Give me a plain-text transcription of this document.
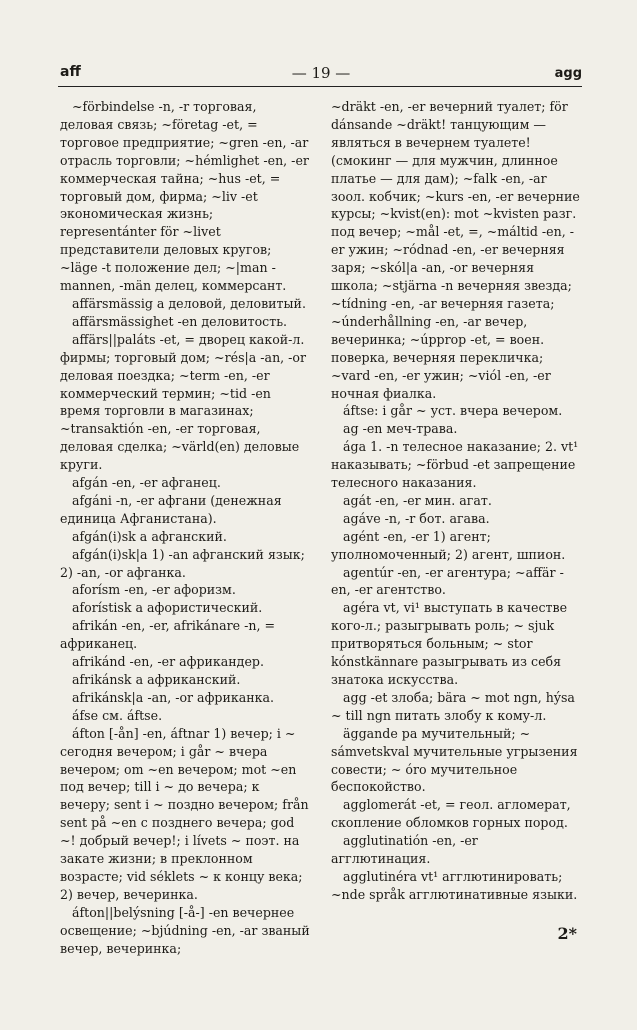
aff	— 19 —	agg

~förbindelse -n, -r торговая, деловая связь; ~företag -et, = торговое предприятие; ~gren -en, -ar отрасль торговли; ~hémlighet -en, -er коммерческая тайна; ~hus -et, = торговый дом, фирма; ~liv -et экономическая жизнь; representánter för ~livet представители деловых кругов; ~läge -t положение дел; ~|man -mannen, -män делец, коммерсант.

affärsmässig a деловой, деловитый.

affärsmässighet -en деловитость.

affärs||paláts -et, = дворец какой-л. фирмы; торговый дом; ~rés|a -an, -or деловая поездка; ~term -en, -er коммерческий термин; ~tid -en время торговли в магазинах; ~transaktión -en, -er торговая, деловая сделка; ~värld(en) деловые круги.

afgán -en, -er афганец.

afgáni -n, -er афгани (денежная единица Афганистана).

afgán(i)sk a афганский.

afgán(i)sk|a 1) -an афганский язык; 2) -an, -or афганка.

aforísm -en, -er афоризм.

aforístisk a афористический.

afrikán -en, -er, afrikánare -n, = африканец.

afrikánd -en, -er африкандер.

afrikánsk a африканский.

afrikánsk|a -an, -or африканка.

áfse см. áftse.

áfton [-ån] -en, áftnar 1) вечер; i ~ сегодня вечером; i går ~ вчера вечером; om ~en вечером; mot ~en под вечер; till i ~ до вечера; к вечеру; sent i ~ поздно вечером; från sent på ~en с позднего вечера; god ~! добрый вечер!; i lívets ~ поэт. на закате жизни; в преклонном возрасте; vid séklets ~ к концу века; 2) вечер, вечеринка.

áfton||belýsning [-å-] -en вечернее освещение; ~bjúdning -en, -ar званый вечер, вечеринка;

~dräkt -en, -er вечерний туалет; för dánsande ~dräkt! танцующим — являться в вечернем туалете! (смокинг — для мужчин, длинное платье — для дам); ~falk -en, -ar зоол. кобчик; ~kurs -en, -er вечерние курсы; ~kvist(en): mot ~kvisten разг. под вечер; ~mål -et, =, ~máltid -en, -er ужин; ~ródnad -en, -er вечерняя заря; ~skól|a -an, -or вечерняя школа; ~stjärna -n вечерняя звезда; ~tídning -en, -ar вечерняя газета; ~únderhållning -en, -ar вечер, вечеринка; ~úpprop -et, = воен. поверка, вечерняя перекличка; ~vard -en, -er ужин; ~viól -en, -er ночная фиалка.

áftse: i går ~ уст. вчера вечером.

ag -en меч-трава.

ága 1. -n телесное наказание; 2. vt¹ наказывать; ~förbud -et запрещение телесного наказания.

agát -en, -er мин. агат.

agáve -n, -r бот. агава.

agént -en, -er 1) агент; уполномоченный; 2) агент, шпион.

agentúr -en, -er агентура; ~affär -en, -er агентство.

agéra vt, vi¹ выступать в качестве кого-л.; разыгрывать роль; ~ sjuk притворяться больным; ~ stor kónstkännare разыгрывать из себя знатока искусства.

agg -et злоба; bära ~ mot ngn, hýsa ~ till ngn питать злобу к кому-л.

äggande pa мучительный; ~ sámvetskval мучительные угрызения совести; ~ óro мучительное беспокойство.

agglomerát -et, = геол. агломерат, скопление обломков горных пород.

agglutinatión -en, -er агглютинация.

agglutinéra vt¹ агглютинировать; ~nde språk агглютинативные языки.

2*
